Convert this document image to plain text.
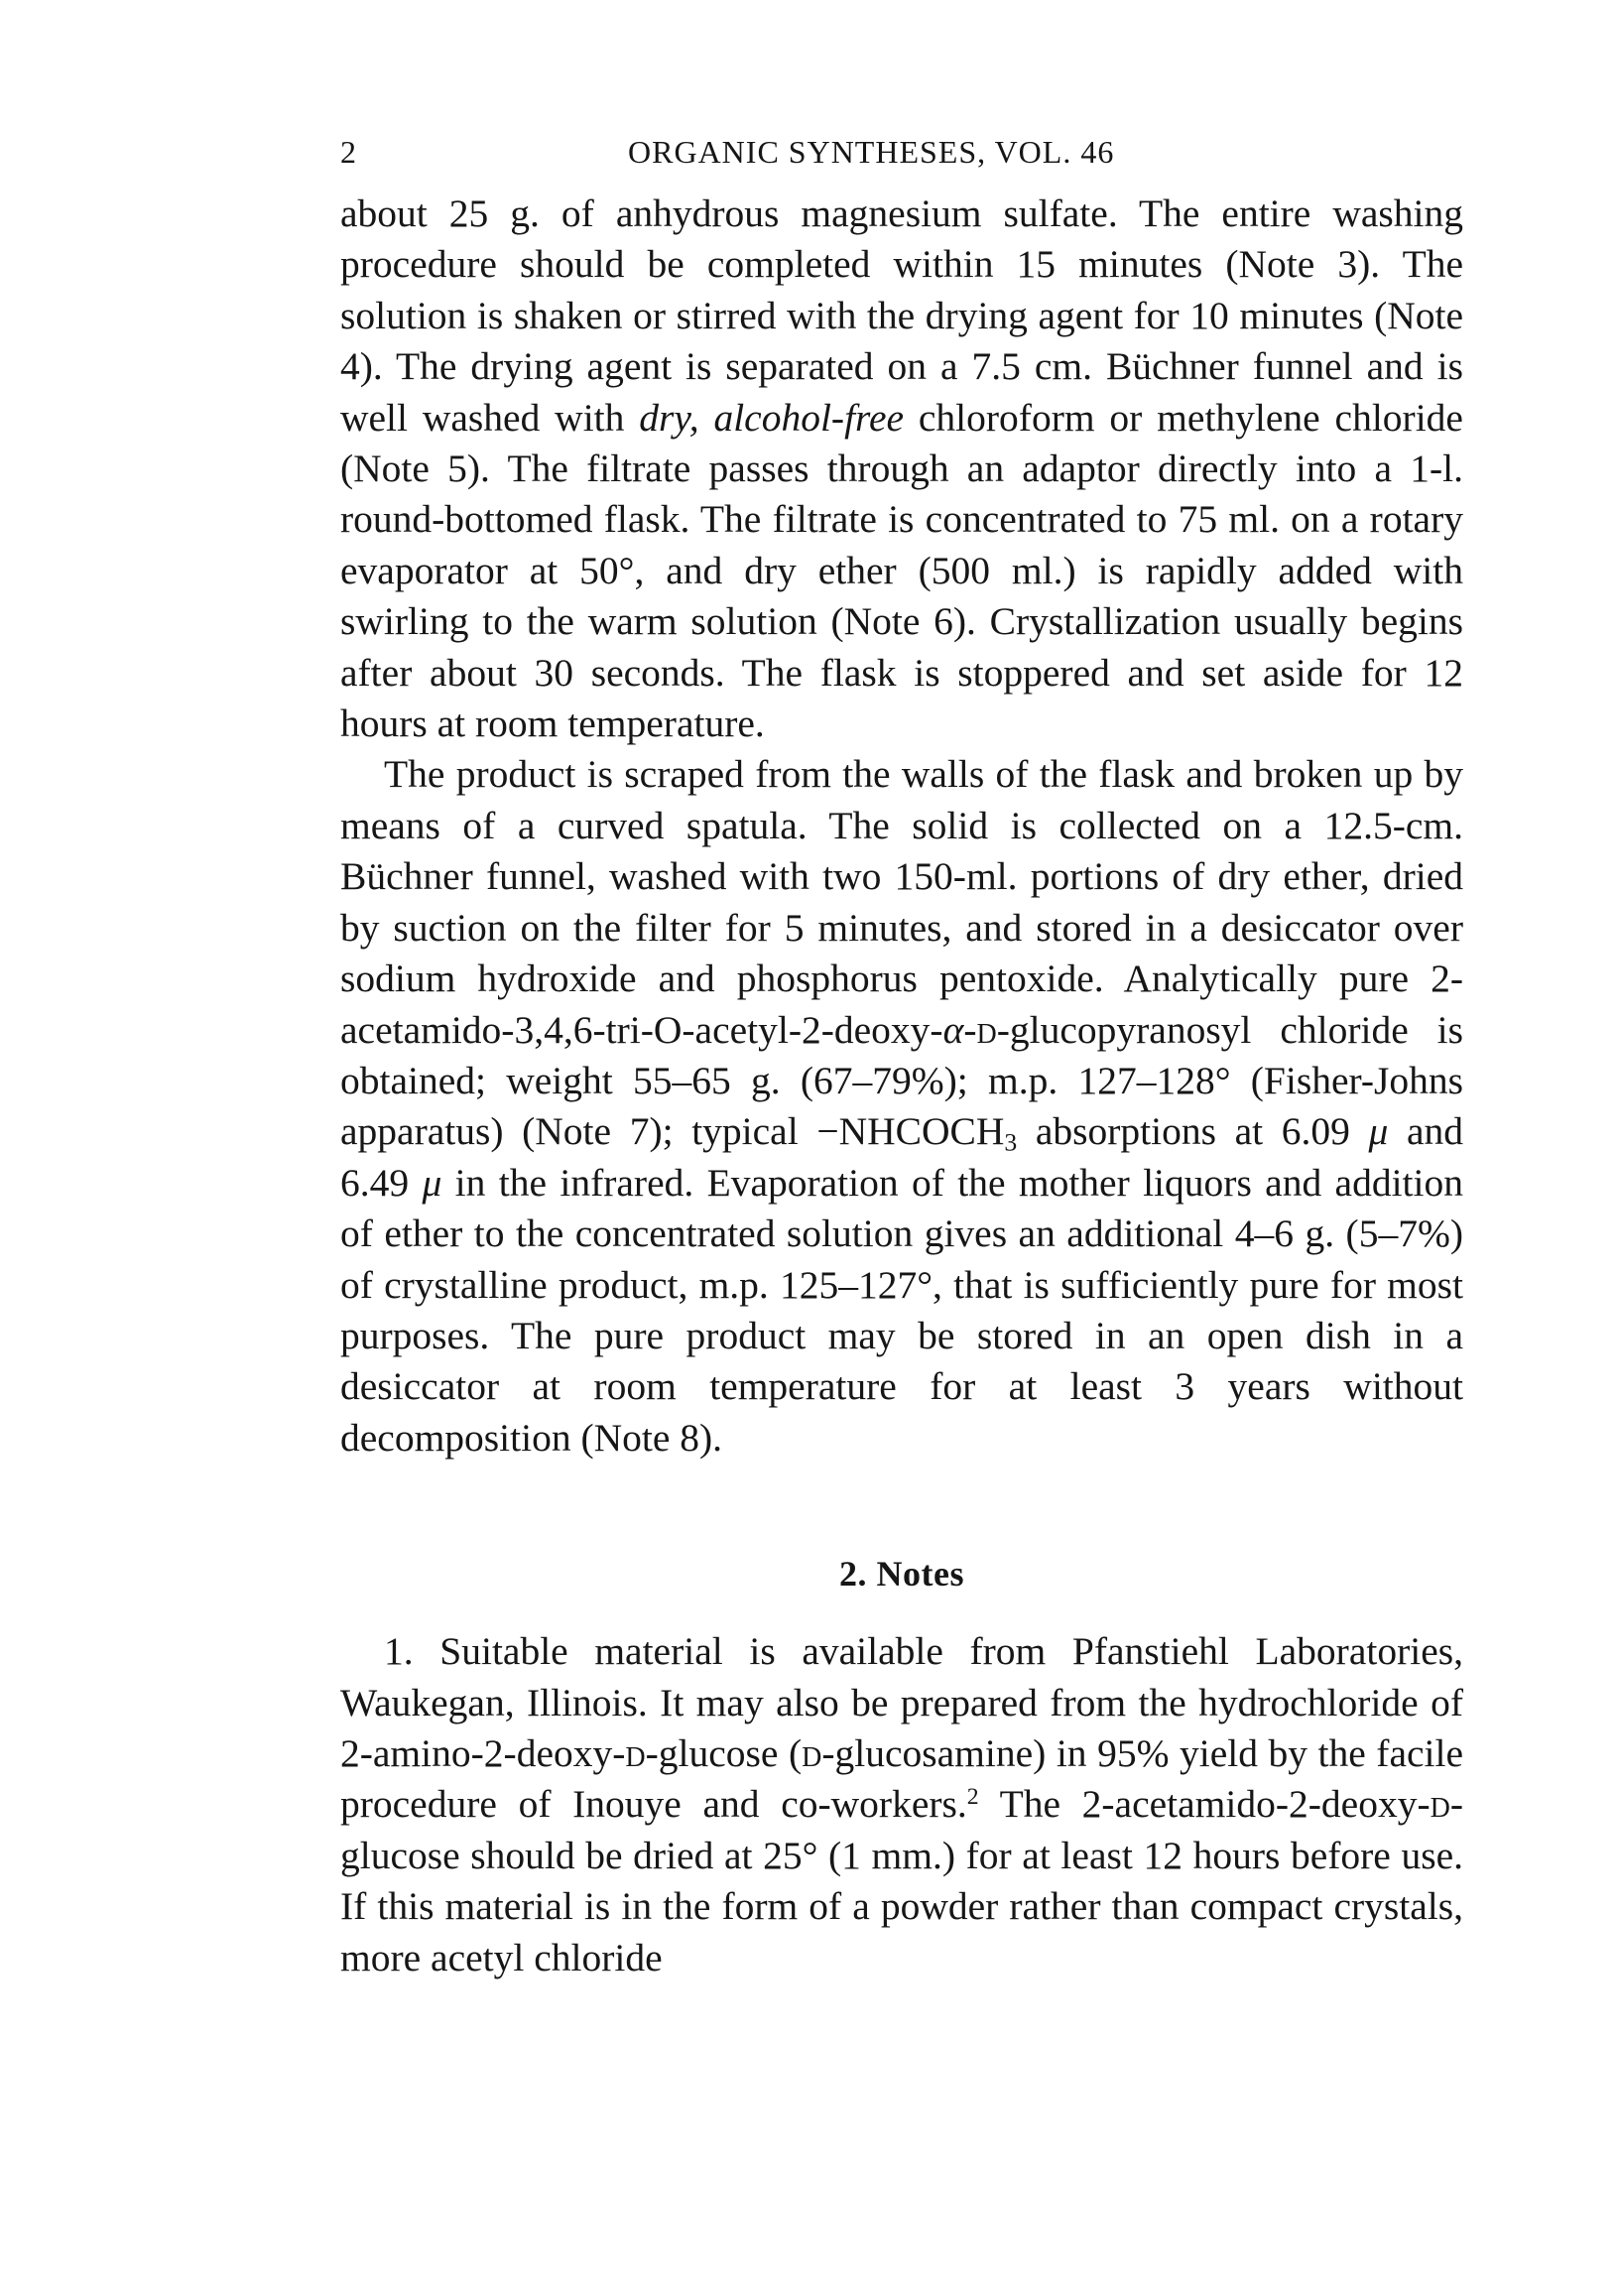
2	ORGANIC SYNTHESES, VOL. 46

about 25 g. of anhydrous magnesium sulfate. The entire washing procedure should be completed within 15 minutes (Note 3). The solution is shaken or stirred with the drying agent for 10 minutes (Note 4). The drying agent is separated on a 7.5 cm. Büchner funnel and is well washed with dry, alcohol-free chloroform or methylene chloride (Note 5). The filtrate passes through an adaptor directly into a 1-l. round-bottomed flask. The filtrate is concentrated to 75 ml. on a rotary evaporator at 50°, and dry ether (500 ml.) is rapidly added with swirling to the warm solution (Note 6). Crystallization usually begins after about 30 seconds. The flask is stoppered and set aside for 12 hours at room temperature.

The product is scraped from the walls of the flask and broken up by means of a curved spatula. The solid is collected on a 12.5-cm. Büchner funnel, washed with two 150-ml. portions of dry ether, dried by suction on the filter for 5 minutes, and stored in a desiccator over sodium hydroxide and phosphorus pentoxide. Analytically pure 2-acetamido-3,4,6-tri-O-acetyl-2-deoxy-α-d-glucopyranosyl chloride is obtained; weight 55–65 g. (67–79%); m.p. 127–128° (Fisher-Johns apparatus) (Note 7); typical $-NHCOCH_3$ absorptions at 6.09 μ and 6.49 μ in the infrared. Evaporation of the mother liquors and addition of ether to the concentrated solution gives an additional 4–6 g. (5–7%) of crystalline product, m.p. 125–127°, that is sufficiently pure for most purposes. The pure product may be stored in an open dish in a desiccator at room temperature for at least 3 years without decomposition (Note 8).

2. Notes

1. Suitable material is available from Pfanstiehl Laboratories, Waukegan, Illinois. It may also be prepared from the hydrochloride of 2-amino-2-deoxy-d-glucose (d-glucosamine) in 95% yield by the facile procedure of Inouye and co-workers.$^2$ The 2-acetamido-2-deoxy-d-glucose should be dried at 25° (1 mm.) for at least 12 hours before use. If this material is in the form of a powder rather than compact crystals, more acetyl chloride
